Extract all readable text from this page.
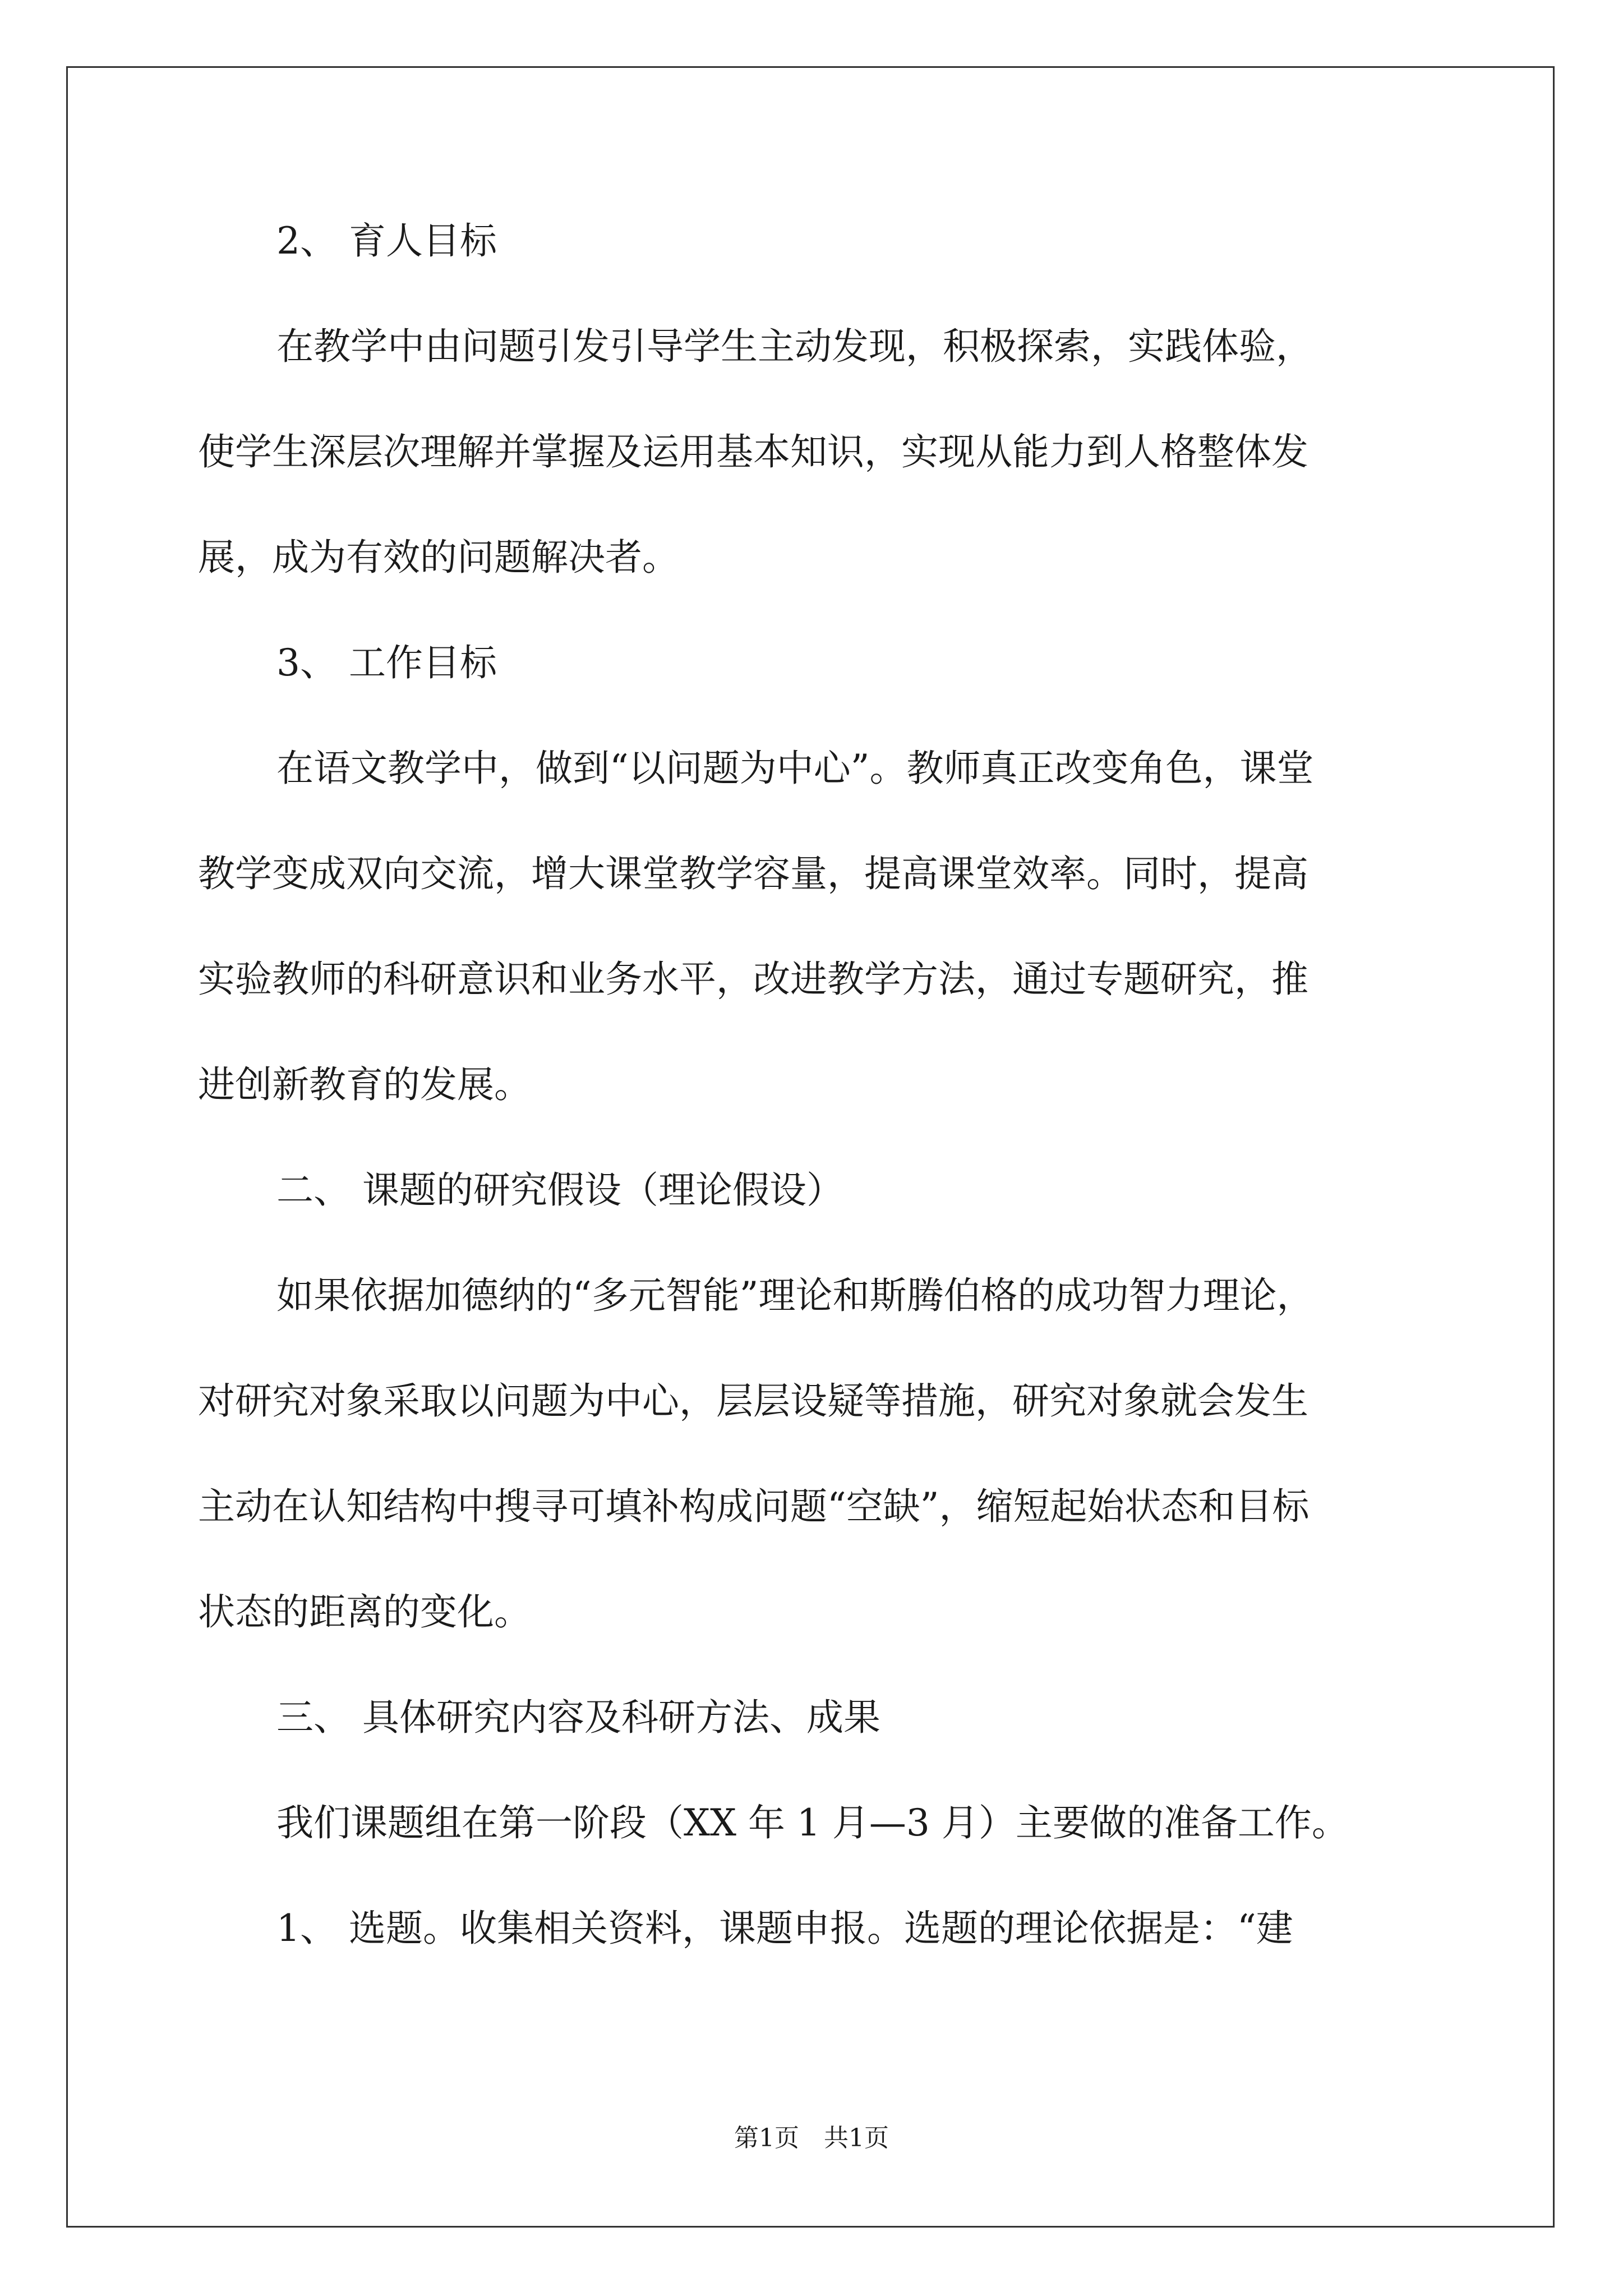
2、 育人目标
在教学中由问题引发引导学生主动发现，积极探索，实践体验，
使学生深层次理解并掌握及运用基本知识，实现从能力到人格整体发
展，成为有效的问题解决者。
3、 工作目标
在语文教学中，做到“以问题为中心”。教师真正改变角色，课堂
教学变成双向交流，增大课堂教学容量，提高课堂效率。同时，提高
实验教师的科研意识和业务水平，改进教学方法，通过专题研究，推
进创新教育的发展。
二、 课题的研究假设（理论假设）
如果依据加德纳的“多元智能”理论和斯腾伯格的成功智力理论，
对研究对象采取以问题为中心，层层设疑等措施，研究对象就会发生
主动在认知结构中搜寻可填补构成问题“空缺”，缩短起始状态和目标
状态的距离的变化。
三、 具体研究内容及科研方法、成果
我们课题组在第一阶段（XX 年 1 月—3 月）主要做的准备工作。
1、 选题。收集相关资料，课题申报。选题的理论依据是：“建
第1页　共1页
